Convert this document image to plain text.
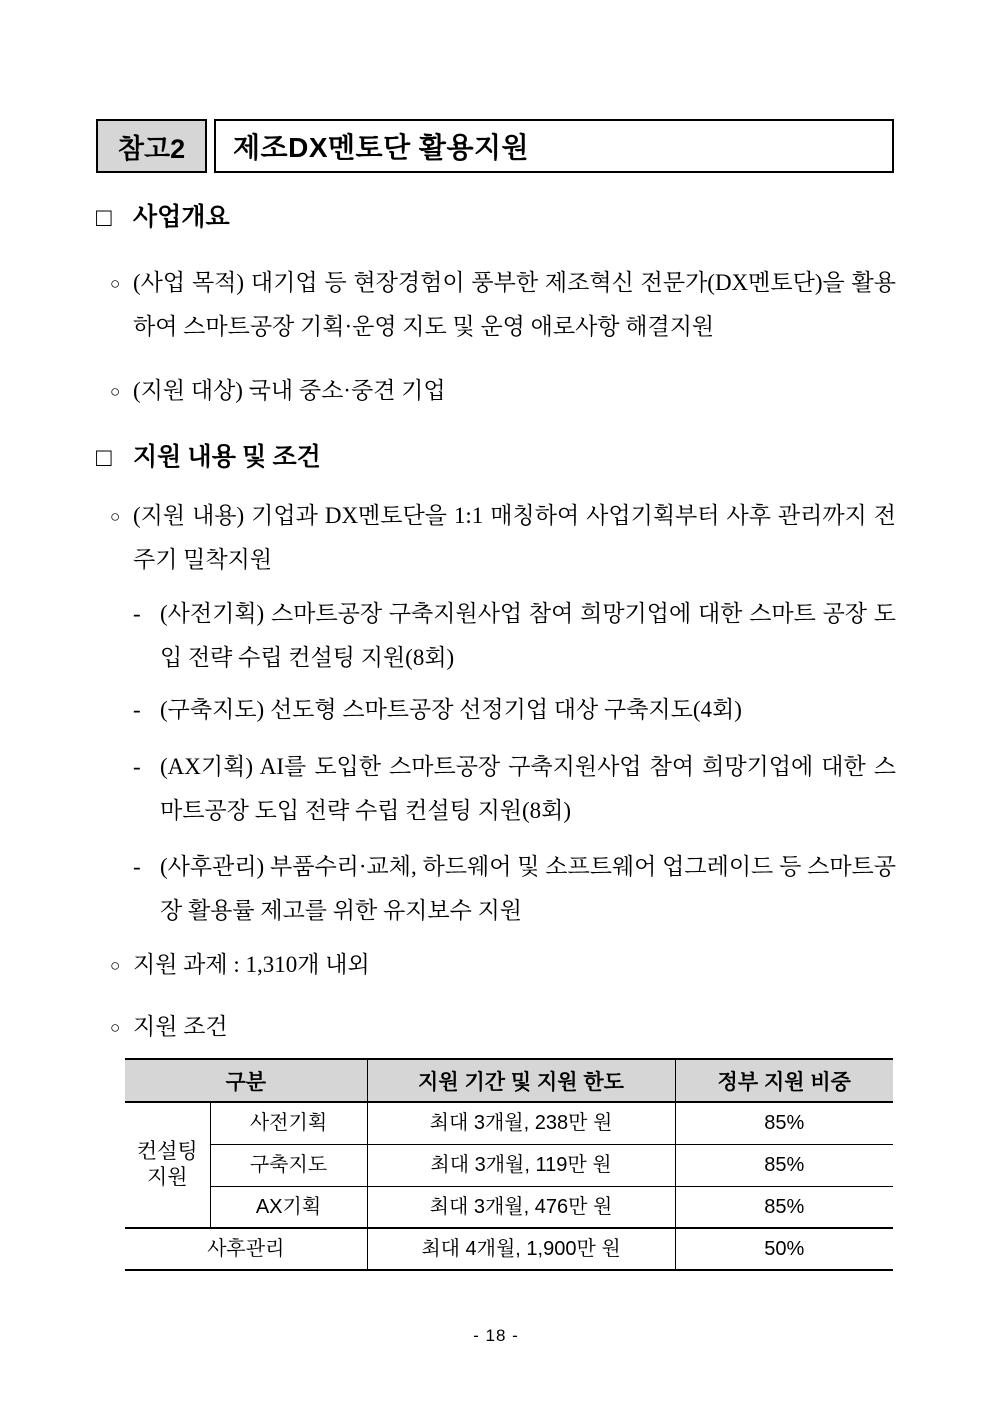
참고2	제조DX멘토단 활용지원
□ 사업개요
○ (사업 목적) 대기업 등 현장경험이 풍부한 제조혁신 전문가(DX멘토단)을 활용하여 스마트공장 기획·운영 지도 및 운영 애로사항 해결지원
○ (지원 대상) 국내 중소·중견 기업
□ 지원 내용 및 조건
○ (지원 내용) 기업과 DX멘토단을 1:1 매칭하여 사업기획부터 사후 관리까지 전주기 밀착지원
- (사전기획) 스마트공장 구축지원사업 참여 희망기업에 대한 스마트 공장 도입 전략 수립 컨설팅 지원(8회)
- (구축지도) 선도형 스마트공장 선정기업 대상 구축지도(4회)
- (AX기획) AI를 도입한 스마트공장 구축지원사업 참여 희망기업에 대한 스마트공장 도입 전략 수립 컨설팅 지원(8회)
- (사후관리) 부품수리·교체, 하드웨어 및 소프트웨어 업그레이드 등 스마트공장 활용률 제고를 위한 유지보수 지원
○ 지원 과제 : 1,310개 내외
○ 지원 조건
구분		지원 기간 및 지원 한도	정부 지원 비중
컨설팅 지원	사전기획	최대 3개월, 238만 원	85%
	구축지도	최대 3개월, 119만 원	85%
	AX기획	최대 3개월, 476만 원	85%
사후관리		최대 4개월, 1,900만 원	50%
- 18 -
